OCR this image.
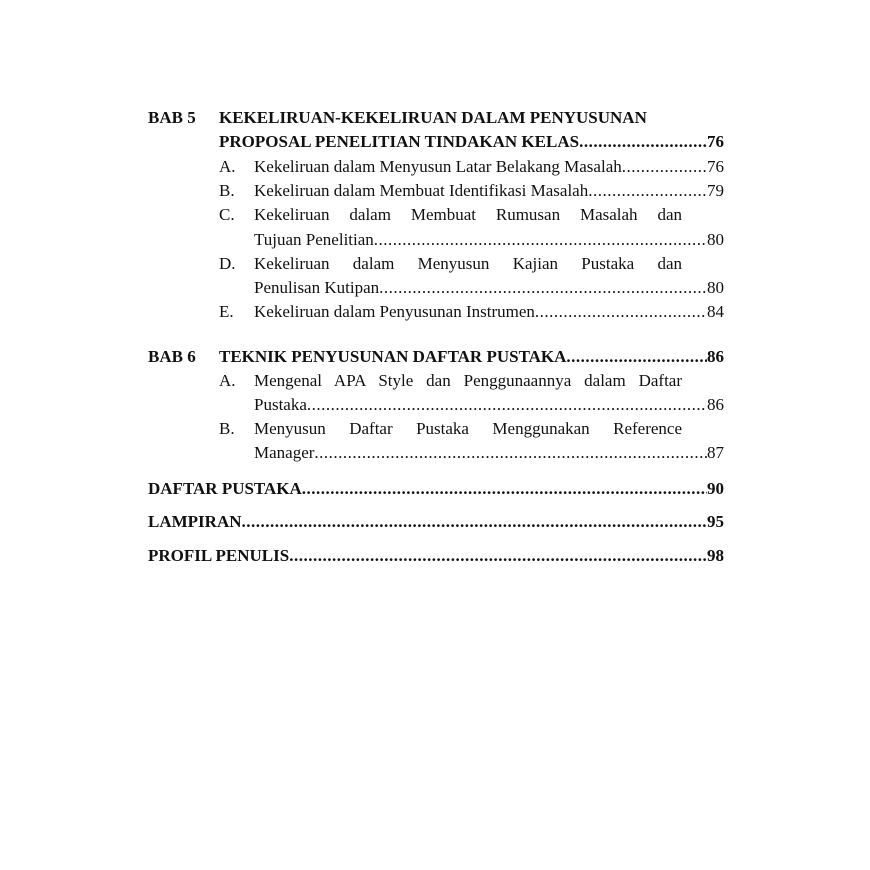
BAB 5 KEKELIRUAN-KEKELIRUAN DALAM PENYUSUNAN
PROPOSAL PENELITIAN TINDAKAN KELAS .....	76
A. Kekeliruan dalam Menyusun Latar Belakang Masalah .....	76
B. Kekeliruan dalam Membuat Identifikasi Masalah .....	79
C. Kekeliruan dalam Membuat Rumusan Masalah dan
Tujuan Penelitian .....	80
D. Kekeliruan dalam Menyusun Kajian Pustaka dan
Penulisan Kutipan .....	80
E. Kekeliruan dalam Penyusunan Instrumen .....	84
BAB 6 TEKNIK PENYUSUNAN DAFTAR PUSTAKA .....	86
A. Mengenal APA Style dan Penggunaannya dalam Daftar
Pustaka .....	86
B. Menyusun Daftar Pustaka Menggunakan Reference
Manager .....	87
DAFTAR PUSTAKA .....	90
LAMPIRAN .....	95
PROFIL PENULIS .....	98
